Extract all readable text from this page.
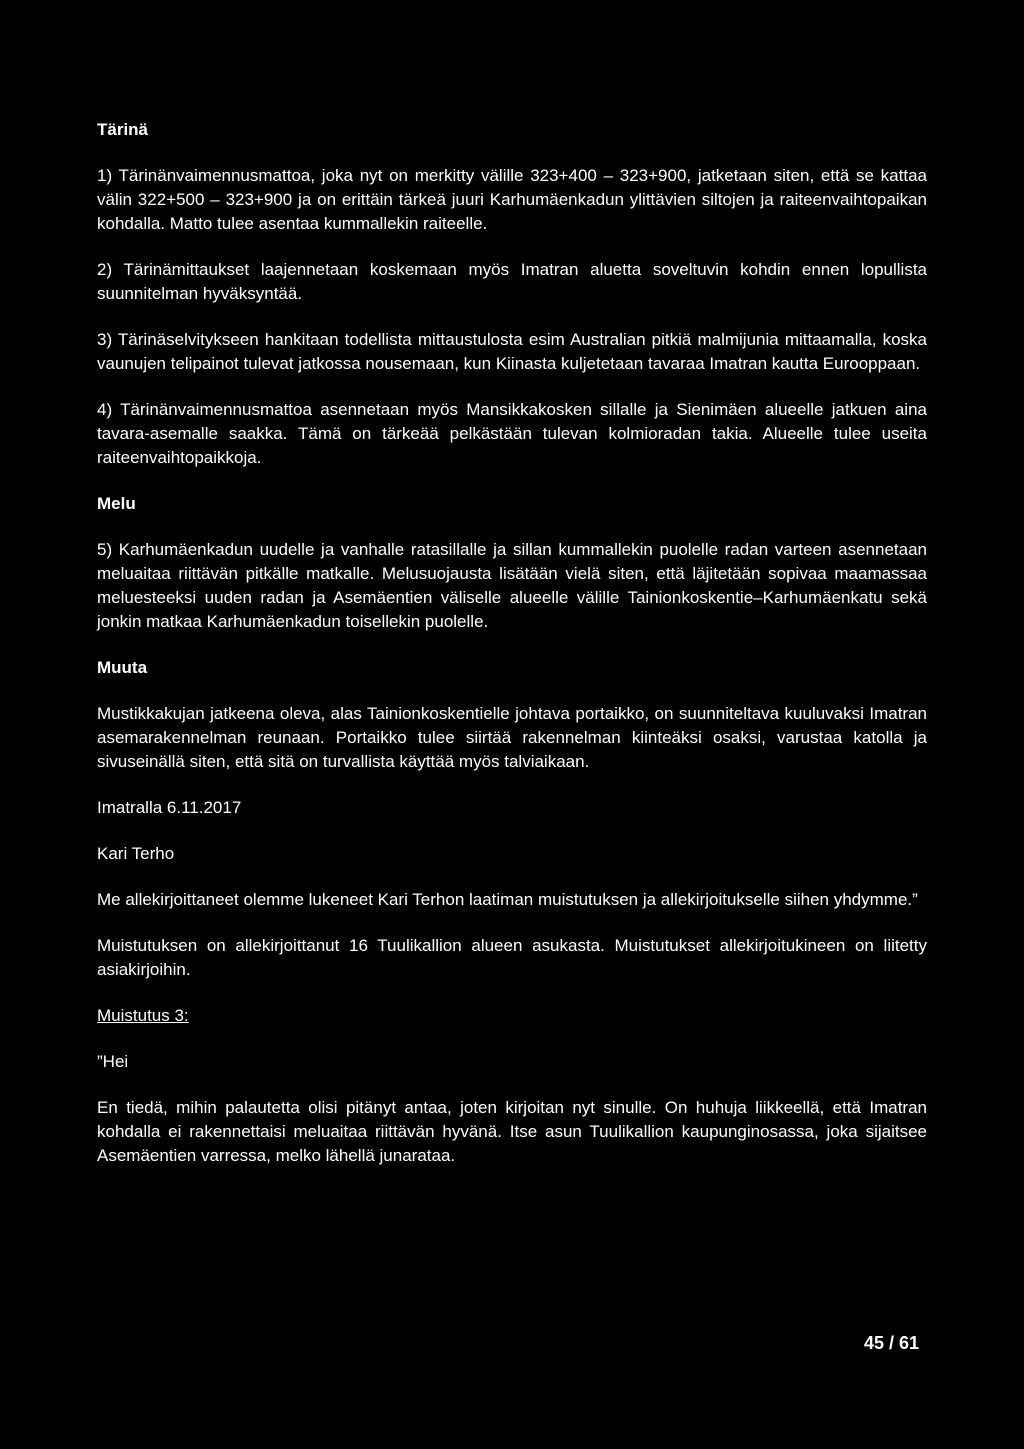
Tärinä

1) Tärinänvaimennusmattoa, joka nyt on merkitty välille 323+400 – 323+900, jatketaan siten, että se kattaa välin 322+500 – 323+900 ja on erittäin tärkeä juuri Karhumäenkadun ylittävien siltojen ja raiteenvaihtopaikan kohdalla. Matto tulee asentaa kummallekin raiteelle.

2) Tärinämittaukset laajennetaan koskemaan myös Imatran aluetta soveltuvin kohdin ennen lopullista suunnitelman hyväksyntää.

3) Tärinäselvitykseen hankitaan todellista mittaustulosta esim Australian pitkiä malmijunia mittaamalla, koska vaunujen telipainot tulevat jatkossa nousemaan, kun Kiinasta kuljetetaan tavaraa Imatran kautta Eurooppaan.

4) Tärinänvaimennusmattoa asennetaan myös Mansikkakosken sillalle ja Sienimäen alueelle jatkuen aina tavara-asemalle saakka. Tämä on tärkeää pelkästään tulevan kolmioradan takia. Alueelle tulee useita raiteenvaihtopaikkoja.

Melu

5) Karhumäenkadun uudelle ja vanhalle ratasillalle ja sillan kummallekin puolelle radan varteen asennetaan meluaitaa riittävän pitkälle matkalle. Melusuojausta lisätään vielä siten, että läjitetään sopivaa maamassaa meluesteeksi uuden radan ja Asemäentien väliselle alueelle välille Tainionkoskentie–Karhumäenkatu sekä jonkin matkaa Karhumäenkadun toisellekin puolelle.

Muuta

Mustikkakujan jatkeena oleva, alas Tainionkoskentielle johtava portaikko, on suunniteltava kuuluvaksi Imatran asemarakennelman reunaan. Portaikko tulee siirtää rakennelman kiinteäksi osaksi, varustaa katolla ja sivuseinällä siten, että sitä on turvallista käyttää myös talviaikaan.

Imatralla 6.11.2017

Kari Terho

Me allekirjoittaneet olemme lukeneet Kari Terhon laatiman muistutuksen ja allekirjoitukselle siihen yhdymme.”

Muistutuksen on allekirjoittanut 16 Tuulikallion alueen asukasta. Muistutukset allekirjoitukineen on liitetty asiakirjoihin.

Muistutus 3:

”Hei

En tiedä, mihin palautetta olisi pitänyt antaa, joten kirjoitan nyt sinulle. On huhuja liikkeellä, että Imatran kohdalla ei rakennettaisi meluaitaa riittävän hyvänä. Itse asun Tuulikallion kaupunginosassa, joka sijaitsee Asemäentien varressa, melko lähellä junarataa.

45 / 61
